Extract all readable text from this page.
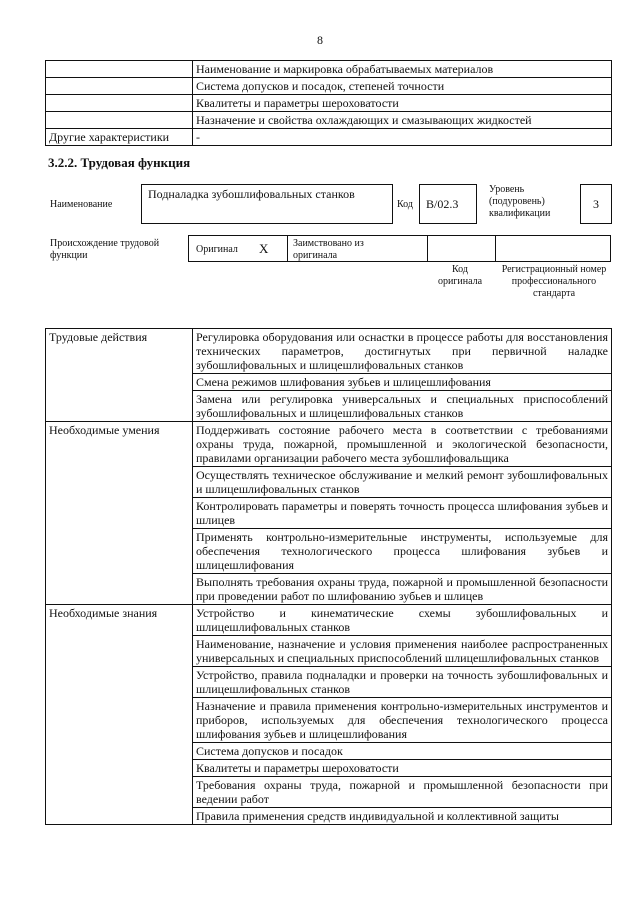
8
	Наименование и маркировка обрабатываемых материалов
	Система допусков и посадок, степеней точности
	Квалитеты и параметры шероховатости
	Назначение и свойства охлаждающих и смазывающих жидкостей
Другие характеристики	-
3.2.2. Трудовая функция
Наименование
Подналадка зубошлифовальных станков
Код	B/02.3
Уровень (подуровень) квалификации
3
Происхождение трудовой функции
Оригинал X Заимствовано из оригинала
Код оригинала
Регистрационный номер профессионального стандарта
Трудовые действия	Регулировка оборудования или оснастки в процессе работы для восстановления технических параметров, достигнутых при первичной наладке зубошлифовальных и шлицешлифовальных станков
	Смена режимов шлифования зубьев и шлицешлифования
	Замена или регулировка универсальных и специальных приспособлений зубошлифовальных и шлицешлифовальных станков
Необходимые умения	Поддерживать состояние рабочего места в соответствии с требованиями охраны труда, пожарной, промышленной и экологической безопасности, правилами организации рабочего места зубошлифовальщика
	Осуществлять техническое обслуживание и мелкий ремонт зубошлифовальных и шлицешлифовальных станков
	Контролировать параметры и поверять точность процесса шлифования зубьев и шлицев
	Применять контрольно-измерительные инструменты, используемые для обеспечения технологического процесса шлифования зубьев и шлицешлифования
	Выполнять требования охраны труда, пожарной и промышленной безопасности при проведении работ по шлифованию зубьев и шлицев
Необходимые знания	Устройство и кинематические схемы зубошлифовальных и шлицешлифовальных станков
	Наименование, назначение и условия применения наиболее распространенных универсальных и специальных приспособлений шлицешлифовальных станков
	Устройство, правила подналадки и проверки на точность зубошлифовальных и шлицешлифовальных станков
	Назначение и правила применения контрольно-измерительных инструментов и приборов, используемых для обеспечения технологического процесса шлифования зубьев и шлицешлифования
	Система допусков и посадок
	Квалитеты и параметры шероховатости
	Требования охраны труда, пожарной и промышленной безопасности при ведении работ
	Правила применения средств индивидуальной и коллективной защиты
